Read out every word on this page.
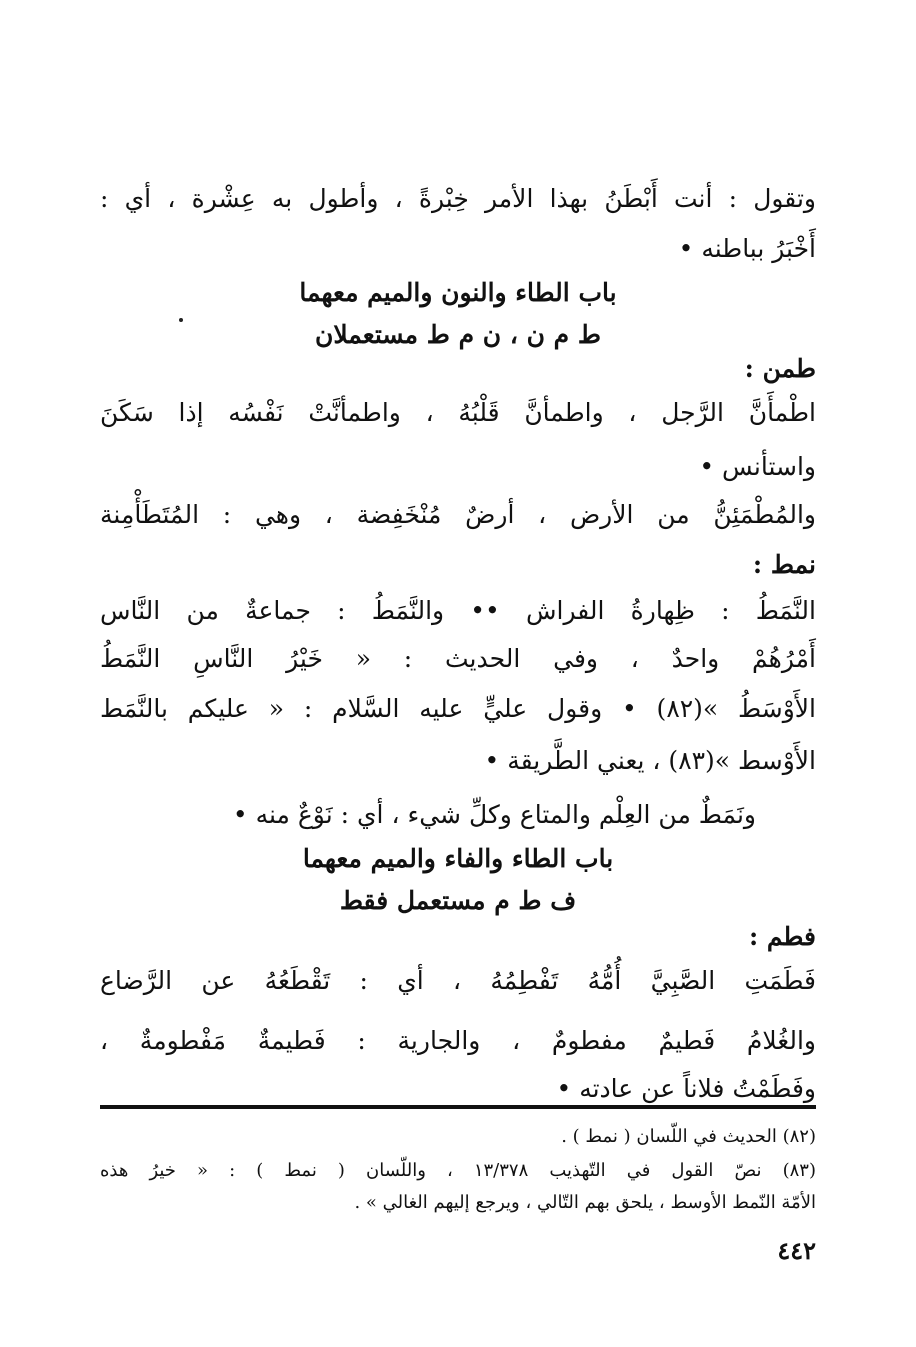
وتقول : أنت أَبْطَنُ بهذا الأمر خِبْرةً ، وأطول به عِشْرة ، أي :
أَخْبَرُ بباطنه •
باب الطاء والنون والميم معهما
ط م ن ، ن م ط مستعملان
طمن :
اطْمأَنَّ الرَّجل ، واطمأنَّ قَلْبُهُ ، واطمأنَّتْ نَفْسُه إذا سَكَنَ
واستأنس •
والمُطْمَئِنُّ من الأرض ، أرضٌ مُنْخَفِضة ، وهي : المُتَطَأْمِنة
نمط :
النَّمَطُ : ظِهارةُ الفراش •• والنَّمَطُ : جماعةٌ من النَّاس
أَمْرُهُمْ واحدٌ ، وفي الحديث : « خَيْرُ النَّاسِ النَّمَطُ
الأَوْسَطُ »(٨٢) • وقول عليٍّ عليه السَّلام : « عليكم بالنَّمَط
الأَوْسط »(٨٣) ، يعني الطَّريقة •
ونَمَطٌ من العِلْم والمتاع وكلِّ شيء ، أي : نَوْعٌ منه •
باب الطاء والفاء والميم معهما
ف ط م مستعمل فقط
فطم :
فَطَمَتِ الصَّبِيَّ أُمُّهُ تَفْطِمُهُ ، أي : تَقْطَعُهُ عن الرَّضاع
والغُلامُ فَطيمٌ مفطومٌ ، والجارية : فَطيمةٌ مَفْطومةٌ ،
وفَطَمْتُ فلاناً عن عادته •
(٨٢) الحديث في اللّسان ( نمط ) .
(٨٣) نصّ القول في التّهذيب ١٣/٣٧٨ ، واللّسان ( نمط ) : « خيرُ هذه
الأمّة النّمط الأوسط ، يلحق بهم التّالي ، ويرجع إليهم الغالي » .
٤٤٢
